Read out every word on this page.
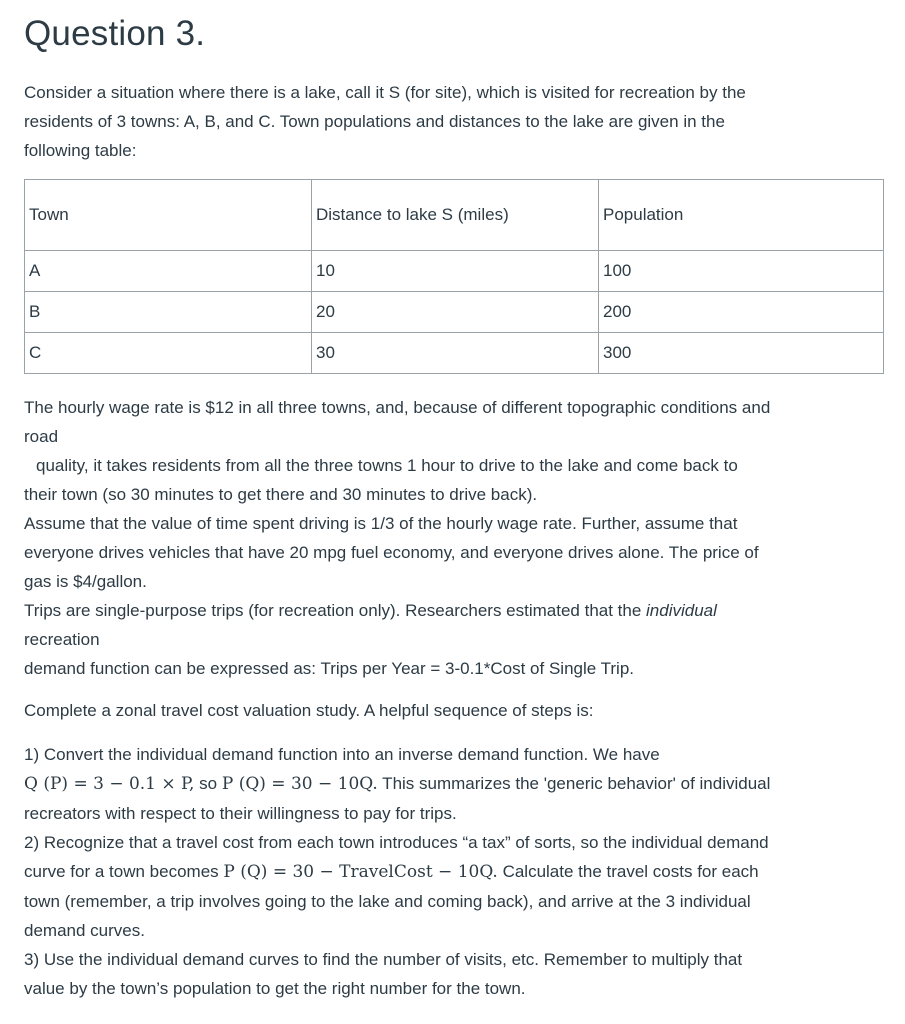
Question 3.

Consider a situation where there is a lake, call it S (for site), which is visited for recreation by the
residents of 3 towns: A, B, and C. Town populations and distances to the lake are given in the
following table:

Town	Distance to lake S (miles)	Population
A	10	100
B	20	200
C	30	300

The hourly wage rate is $12 in all three towns, and, because of different topographic conditions and
road
quality, it takes residents from all the three towns 1 hour to drive to the lake and come back to
their town (so 30 minutes to get there and 30 minutes to drive back).
Assume that the value of time spent driving is 1/3 of the hourly wage rate. Further, assume that
everyone drives vehicles that have 20 mpg fuel economy, and everyone drives alone. The price of
gas is $4/gallon.
Trips are single-purpose trips (for recreation only). Researchers estimated that the individual
recreation
demand function can be expressed as: Trips per Year = 3-0.1*Cost of Single Trip.

Complete a zonal travel cost valuation study. A helpful sequence of steps is:

1) Convert the individual demand function into an inverse demand function. We have
Q (P) = 3 − 0.1 × P, so P (Q) = 30 − 10Q. This summarizes the 'generic behavior' of individual
recreators with respect to their willingness to pay for trips.
2) Recognize that a travel cost from each town introduces “a tax” of sorts, so the individual demand
curve for a town becomes P (Q) = 30 − TravelCost − 10Q. Calculate the travel costs for each
town (remember, a trip involves going to the lake and coming back), and arrive at the 3 individual
demand curves.
3) Use the individual demand curves to find the number of visits, etc. Remember to multiply that
value by the town’s population to get the right number for the town.
